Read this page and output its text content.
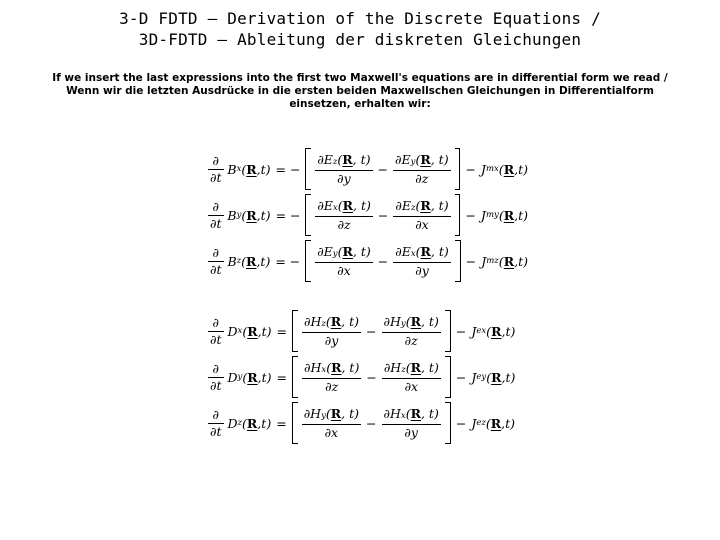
3-D FDTD – Derivation of the Discrete Equations /
3D-FDTD – Ableitung der diskreten Gleichungen
If we insert the last expressions into the first two Maxwell's equations are in differential form we read / Wenn wir die letzten Ausdrücke in die ersten beiden Maxwellschen Gleichungen in Differentialform einsetzen, erhalten wir:
$\frac{\partial}{\partial t}$ B x ( R , t ) = − $\frac{\partial Ez(R, t)}{\partial y} - \frac{\partial Ey(R, t)}{\partial z} - J$ mx ( R , t )
$\frac{\partial}{\partial t}$ B y ( R , t ) = − $\frac{\partial Ex(R, t)}{\partial z} - \frac{\partial Ez(R, t)}{\partial x} - J$ my ( R , t )
$\frac{\partial}{\partial t}$ B z ( R , t ) = − $\frac{\partial Ey(R, t)}{\partial x} - \frac{\partial Ex(R, t)}{\partial y} - J$ mz ( R , t )
$\frac{\partial}{\partial t}$ D x ( R , t ) = $\frac{\partial Hz(R, t)}{\partial y} - \frac{\partial Hy(R, t)}{\partial z} - J$ ex ( R , t )
$\frac{\partial}{\partial t}$ D y ( R , t ) = $\frac{\partial Hx(R, t)}{\partial z} - \frac{\partial Hz(R, t)}{\partial x} - J$ ey ( R , t )
$\frac{\partial}{\partial t}$ D z ( R , t ) = $\frac{\partial Hy(R, t)}{\partial x} - \frac{\partial Hx(R, t)}{\partial y} - J$ ez ( R , t )
